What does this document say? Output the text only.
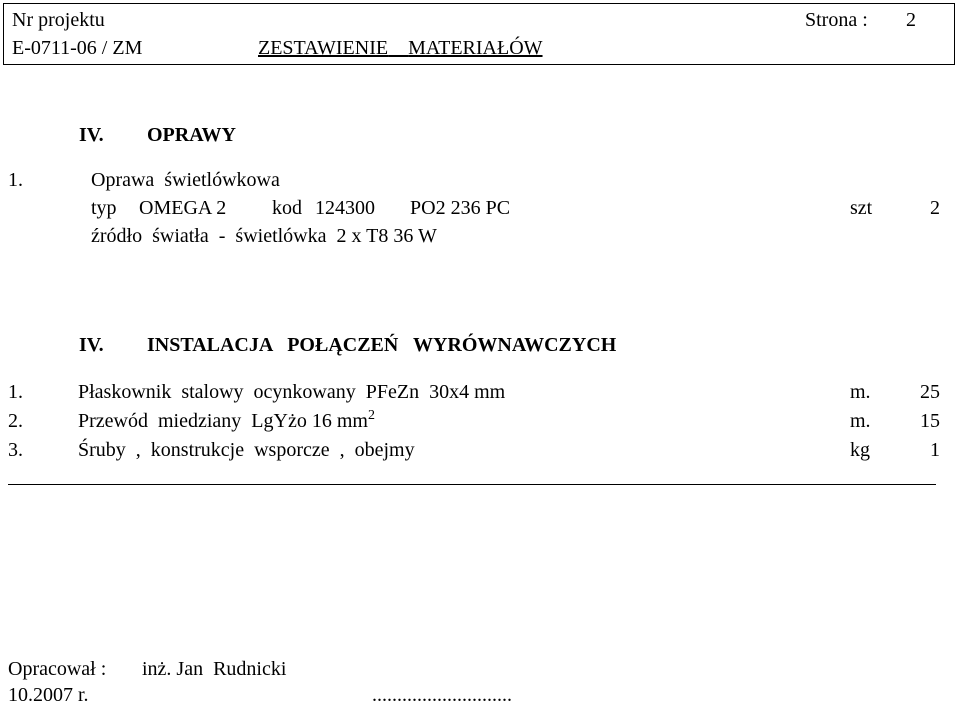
Nr projektu
E-0711-06 / ZM
Strona : 2
ZESTAWIENIE MATERIAŁÓW
IV. OPRAWY
1.	Oprawa  świetlówkowa
typ OMEGA 2 kod 124300 PO2 236 PC	szt	2
źródło  światła  -  świetlówka  2 x T8 36 W
IV. INSTALACJA   POŁĄCZEŃ   WYRÓWNAWCZYCH
1.	Płaskownik  stalowy  ocynkowany  PFeZn  30x4 mm	m. 25
2.	Przewód  miedziany  LgYżo 16 $mm^2$	m. 15
3.	Śruby  ,  konstrukcje  wsporcze  ,  obejmy	kg	1
Opracował : inż. Jan  Rudnicki
10.2007 r.	............................
